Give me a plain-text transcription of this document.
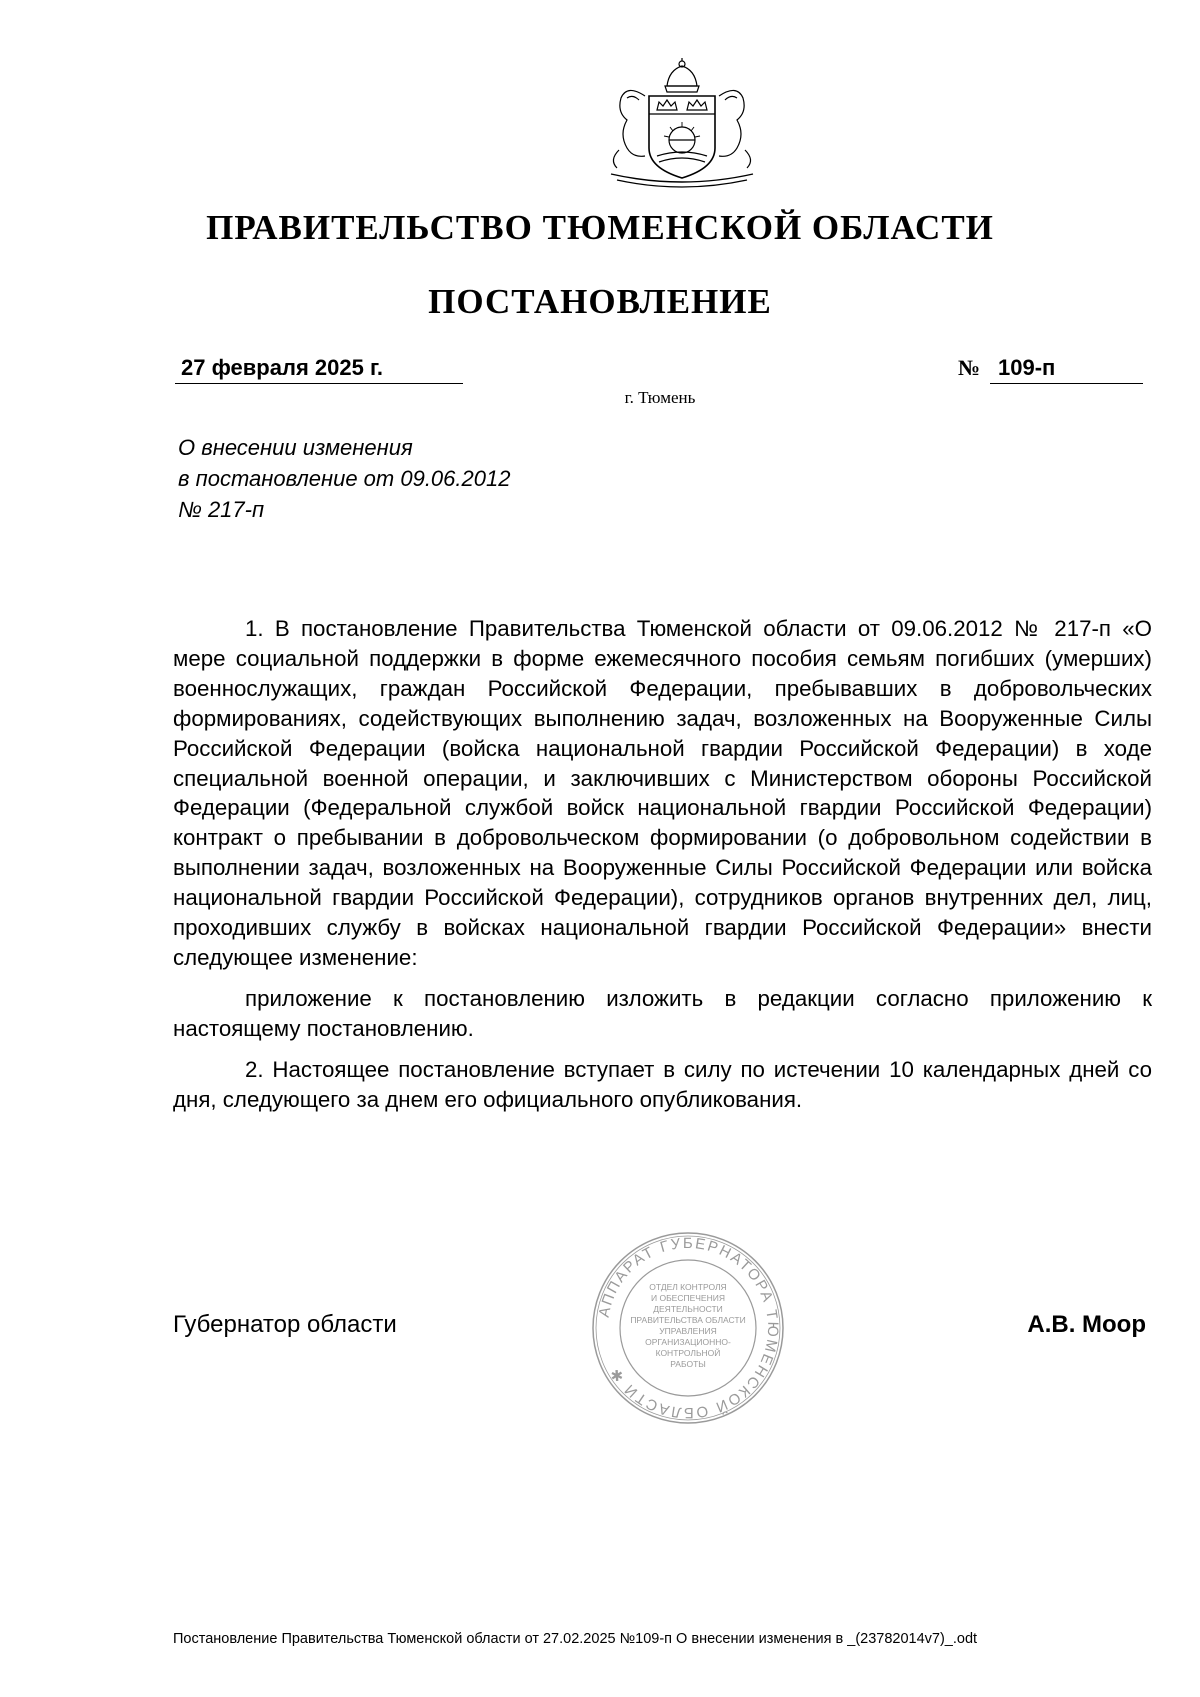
ПРАВИТЕЛЬСТВО ТЮМЕНСКОЙ ОБЛАСТИ
ПОСТАНОВЛЕНИЕ
27 февраля 2025 г.	№ 109-п
г. Тюмень
О внесении изменения
в постановление от 09.06.2012
№ 217-п

1. В постановление Правительства Тюменской области от 09.06.2012 № 217-п «О мере социальной поддержки в форме ежемесячного пособия семьям погибших (умерших) военнослужащих, граждан Российской Федерации, пребывавших в добровольческих формированиях, содействующих выполнению задач, возложенных на Вооруженные Силы Российской Федерации (войска национальной гвардии Российской Федерации) в ходе специальной военной операции, и заключивших с Министерством обороны Российской Федерации (Федеральной службой войск национальной гвардии Российской Федерации) контракт о пребывании в добровольческом формировании (о добровольном содействии в выполнении задач, возложенных на Вооруженные Силы Российской Федерации или войска национальной гвардии Российской Федерации), сотрудников органов внутренних дел, лиц, проходивших службу в войсках национальной гвардии Российской Федерации» внести следующее изменение:

приложение к постановлению изложить в редакции согласно приложению к настоящему постановлению.

2. Настоящее постановление вступает в силу по истечении 10 календарных дней со дня, следующего за днем его официального опубликования.

Губернатор области	АППАРАТ ГУБЕРНАТОРА ТЮМЕНСКОЙ ОБЛАСТИ ✱
ОТДЕЛ КОНТРОЛЯ
И ОБЕСПЕЧЕНИЯ
ДЕЯТЕЛЬНОСТИ
ПРАВИТЕЛЬСТВА ОБЛАСТИ
УПРАВЛЕНИЯ
ОРГАНИЗАЦИОННО-
КОНТРОЛЬНОЙ
РАБОТЫ
А.В. Моор
Постановление Правительства Тюменской области от 27.02.2025 №109-п О внесении изменения в _(23782014v7)_.odt
